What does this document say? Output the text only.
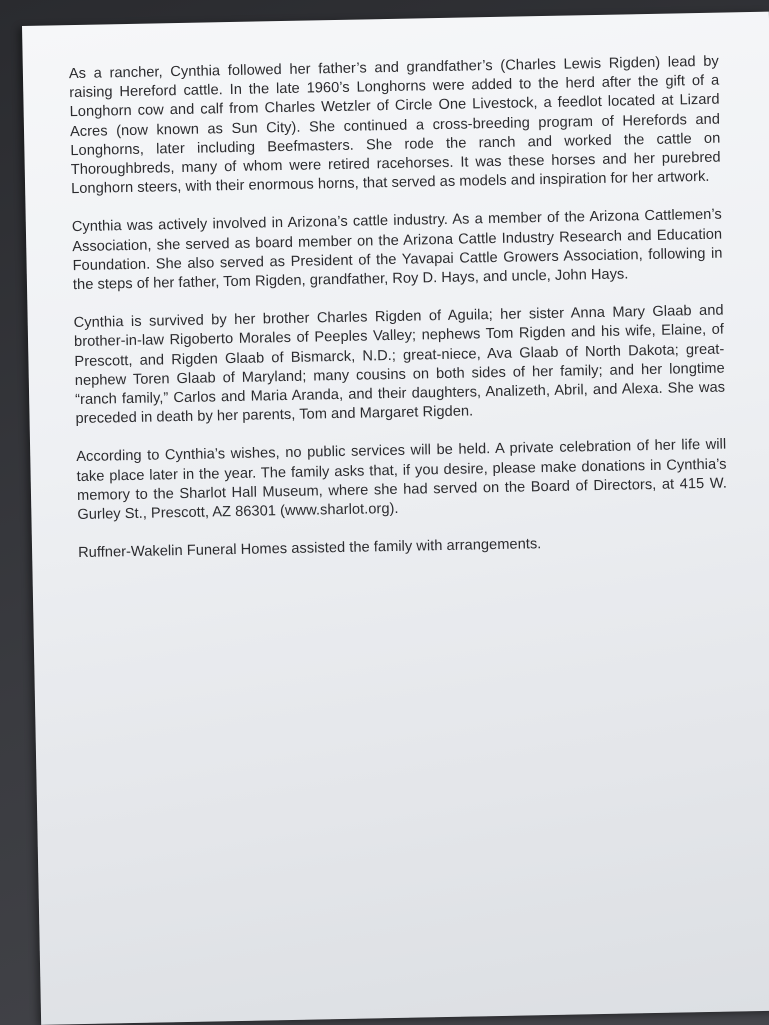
As a rancher, Cynthia followed her father’s and grandfather’s (Charles Lewis Rigden) lead by raising Hereford cattle. In the late 1960’s Longhorns were added to the herd after the gift of a Longhorn cow and calf from Charles Wetzler of Circle One Livestock, a feedlot located at Lizard Acres (now known as Sun City). She continued a cross-breeding program of Herefords and Longhorns, later including Beefmasters. She rode the ranch and worked the cattle on Thoroughbreds, many of whom were retired racehorses. It was these horses and her purebred Longhorn steers, with their enormous horns, that served as models and inspiration for her artwork.

Cynthia was actively involved in Arizona’s cattle industry. As a member of the Arizona Cattlemen’s Association, she served as board member on the Arizona Cattle Industry Research and Education Foundation. She also served as President of the Yavapai Cattle Growers Association, following in the steps of her father, Tom Rigden, grandfather, Roy D. Hays, and uncle, John Hays.

Cynthia is survived by her brother Charles Rigden of Aguila; her sister Anna Mary Glaab and brother-in-law Rigoberto Morales of Peeples Valley; nephews Tom Rigden and his wife, Elaine, of Prescott, and Rigden Glaab of Bismarck, N.D.; great-niece, Ava Glaab of North Dakota; great-nephew Toren Glaab of Maryland; many cousins on both sides of her family; and her longtime “ranch family,” Carlos and Maria Aranda, and their daughters, Analizeth, Abril, and Alexa. She was preceded in death by her parents, Tom and Margaret Rigden.

According to Cynthia’s wishes, no public services will be held. A private celebration of her life will take place later in the year. The family asks that, if you desire, please make donations in Cynthia’s memory to the Sharlot Hall Museum, where she had served on the Board of Directors, at 415 W. Gurley St., Prescott, AZ 86301 (www.sharlot.org).

Ruffner-Wakelin Funeral Homes assisted the family with arrangements.
